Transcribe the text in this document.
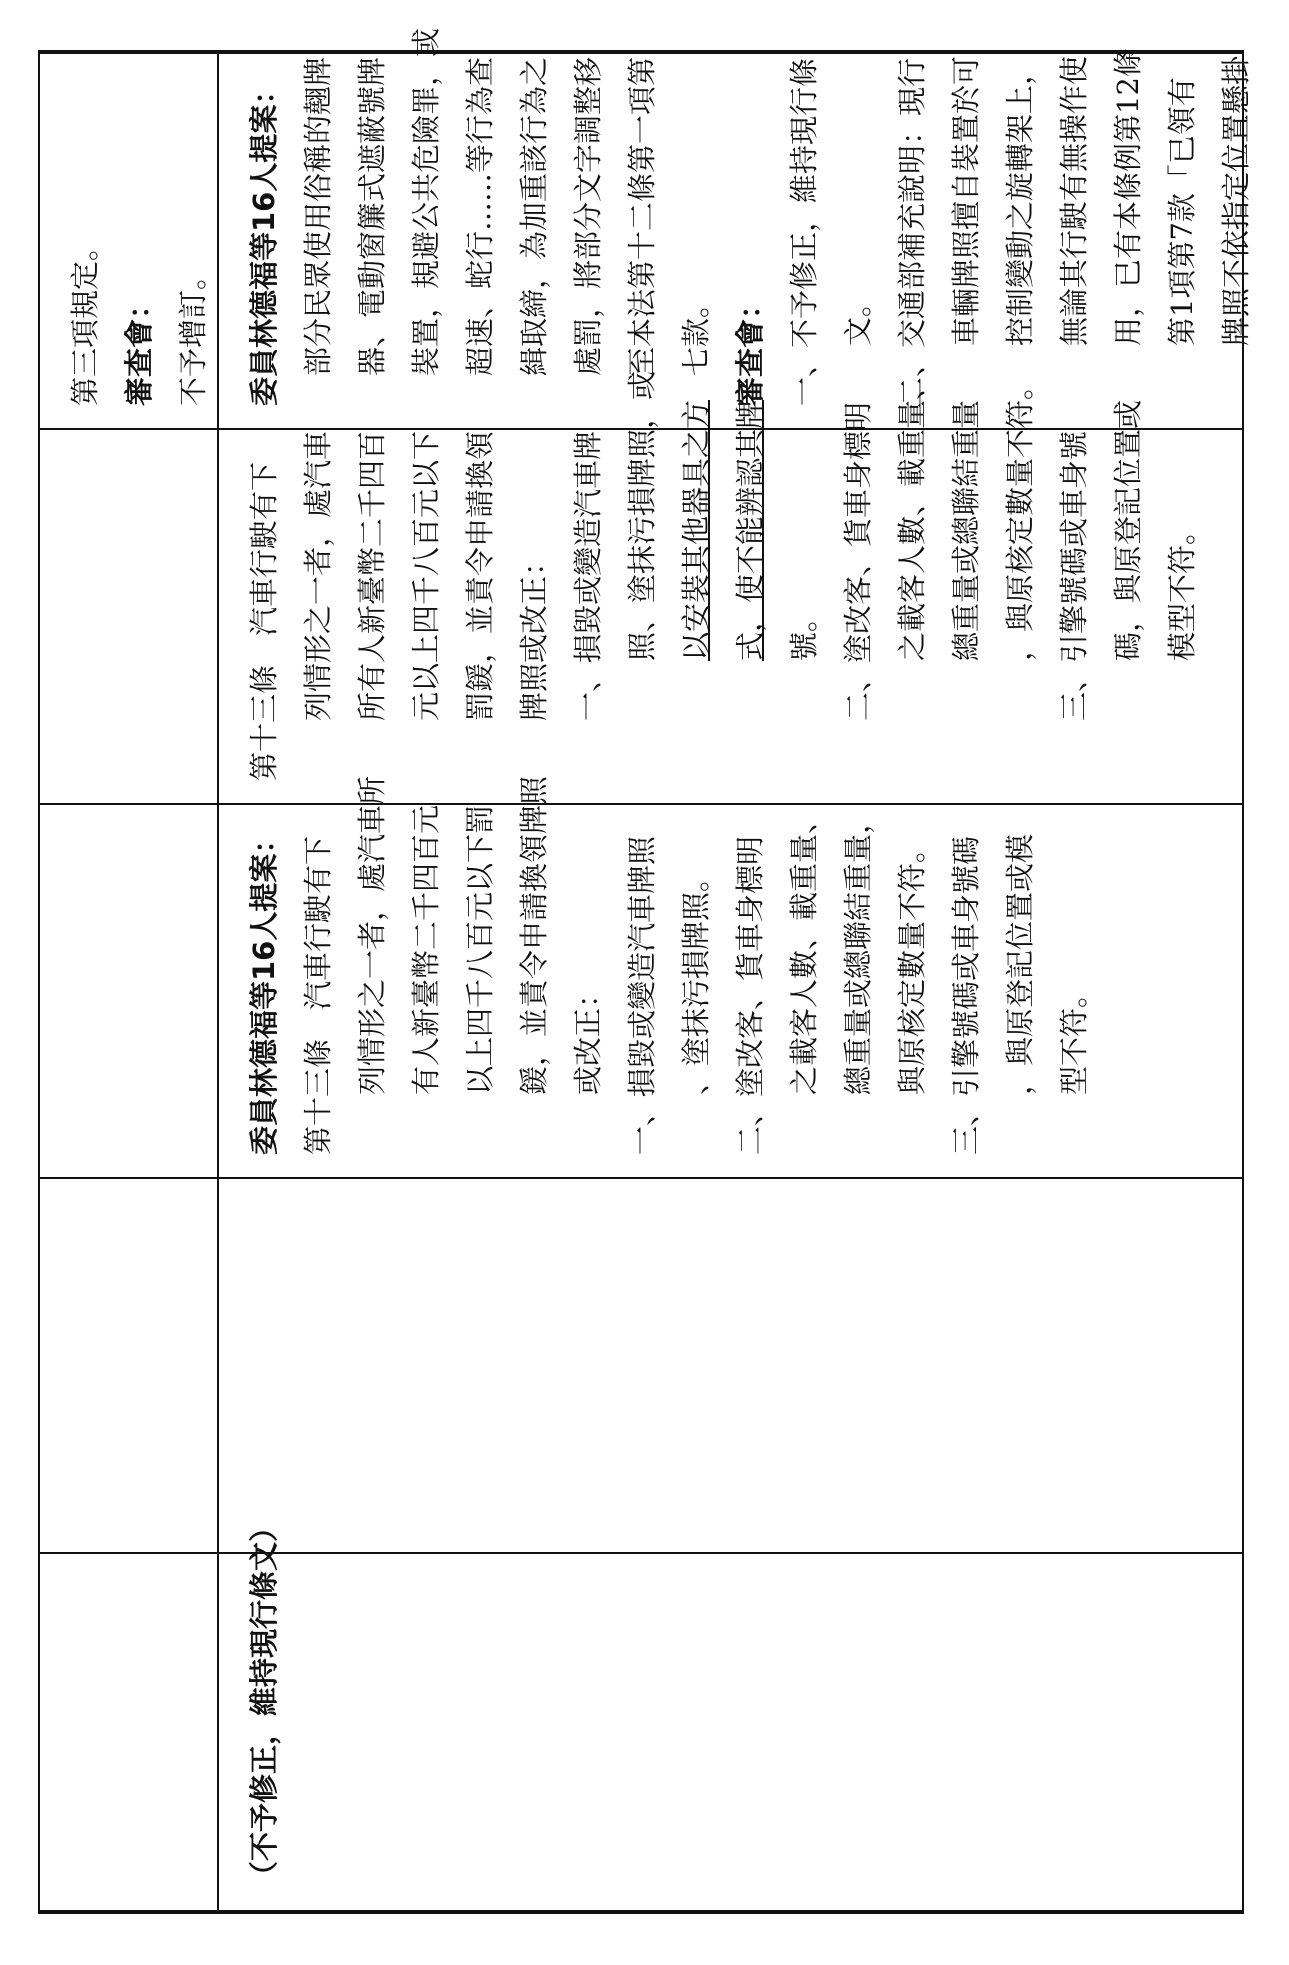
第三項規定。 審查會： 不予增訂。	委員林德福等16人提案： 部分民眾使用俗稱的翹牌 器、電動窗簾式遮蔽號牌 裝置，規避公共危險罪，或 超速、蛇行……等行為查 緝取締，為加重該行為之 處罰，將部分文字調整移 至本法第十二條第一項第 七款。 審查會： 一、不予修正，維持現行條 文。 二、交通部補充說明：現行 車輛牌照擅自裝置於可 控制變動之旋轉架上， 無論其行駛有無操作使 用，已有本條例第12條 第1項第7款「已領有 牌照不依指定位置懸掛

第十三條　汽車行駛有下 列情形之一者，處汽車 所有人新臺幣二千四百 元以上四千八百元以下 罰鍰，並責令申請換領 牌照或改正： 一、損毀或變造汽車牌 照、塗抹污損牌照，或 以安裝其他器具之方 式，使不能辨認其牌 號。 二、塗改客、貨車身標明 之載客人數、載重量、 總重量或總聯結重量 ，與原核定數量不符。 三、引擎號碼或車身號 碼，與原登記位置或 模型不符。

委員林德福等16人提案： 第十三條　汽車行駛有下 列情形之一者，處汽車所 有人新臺幣二千四百元 以上四千八百元以下罰 鍰，並責令申請換領牌照 或改正： 一、損毀或變造汽車牌照 、塗抹污損牌照。 二、塗改客、貨車身標明 之載客人數、載重量、 總重量或總聯結重量， 與原核定數量不符。 三、引擎號碼或車身號碼 ，與原登記位置或模 型不符。

（不予修正，維持現行條文）
